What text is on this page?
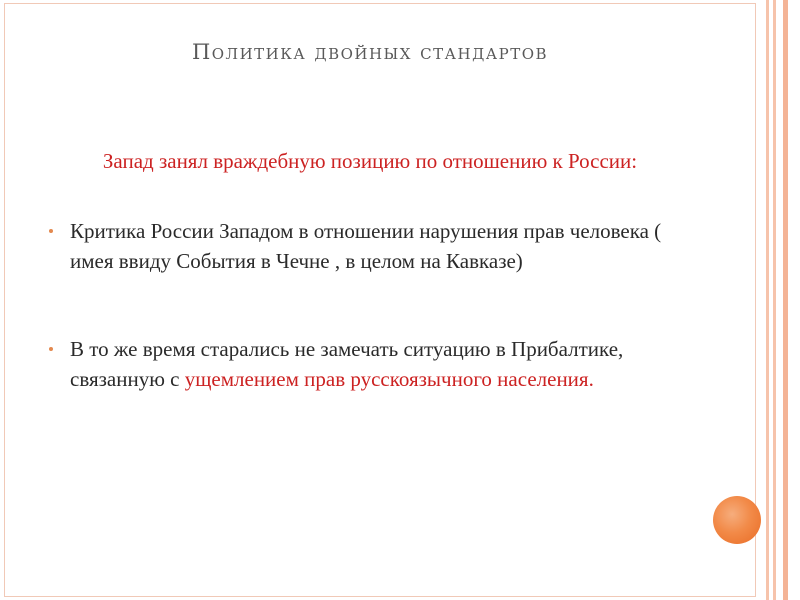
Политика двойных стандартов
Запад занял враждебную позицию по отношению к России:

Критика России Западом в отношении нарушения прав человека ( имея ввиду События в Чечне , в целом на Кавказе)

В то же время старались не замечать ситуацию в Прибалтике, связанную с ущемлением прав русскоязычного населения.
